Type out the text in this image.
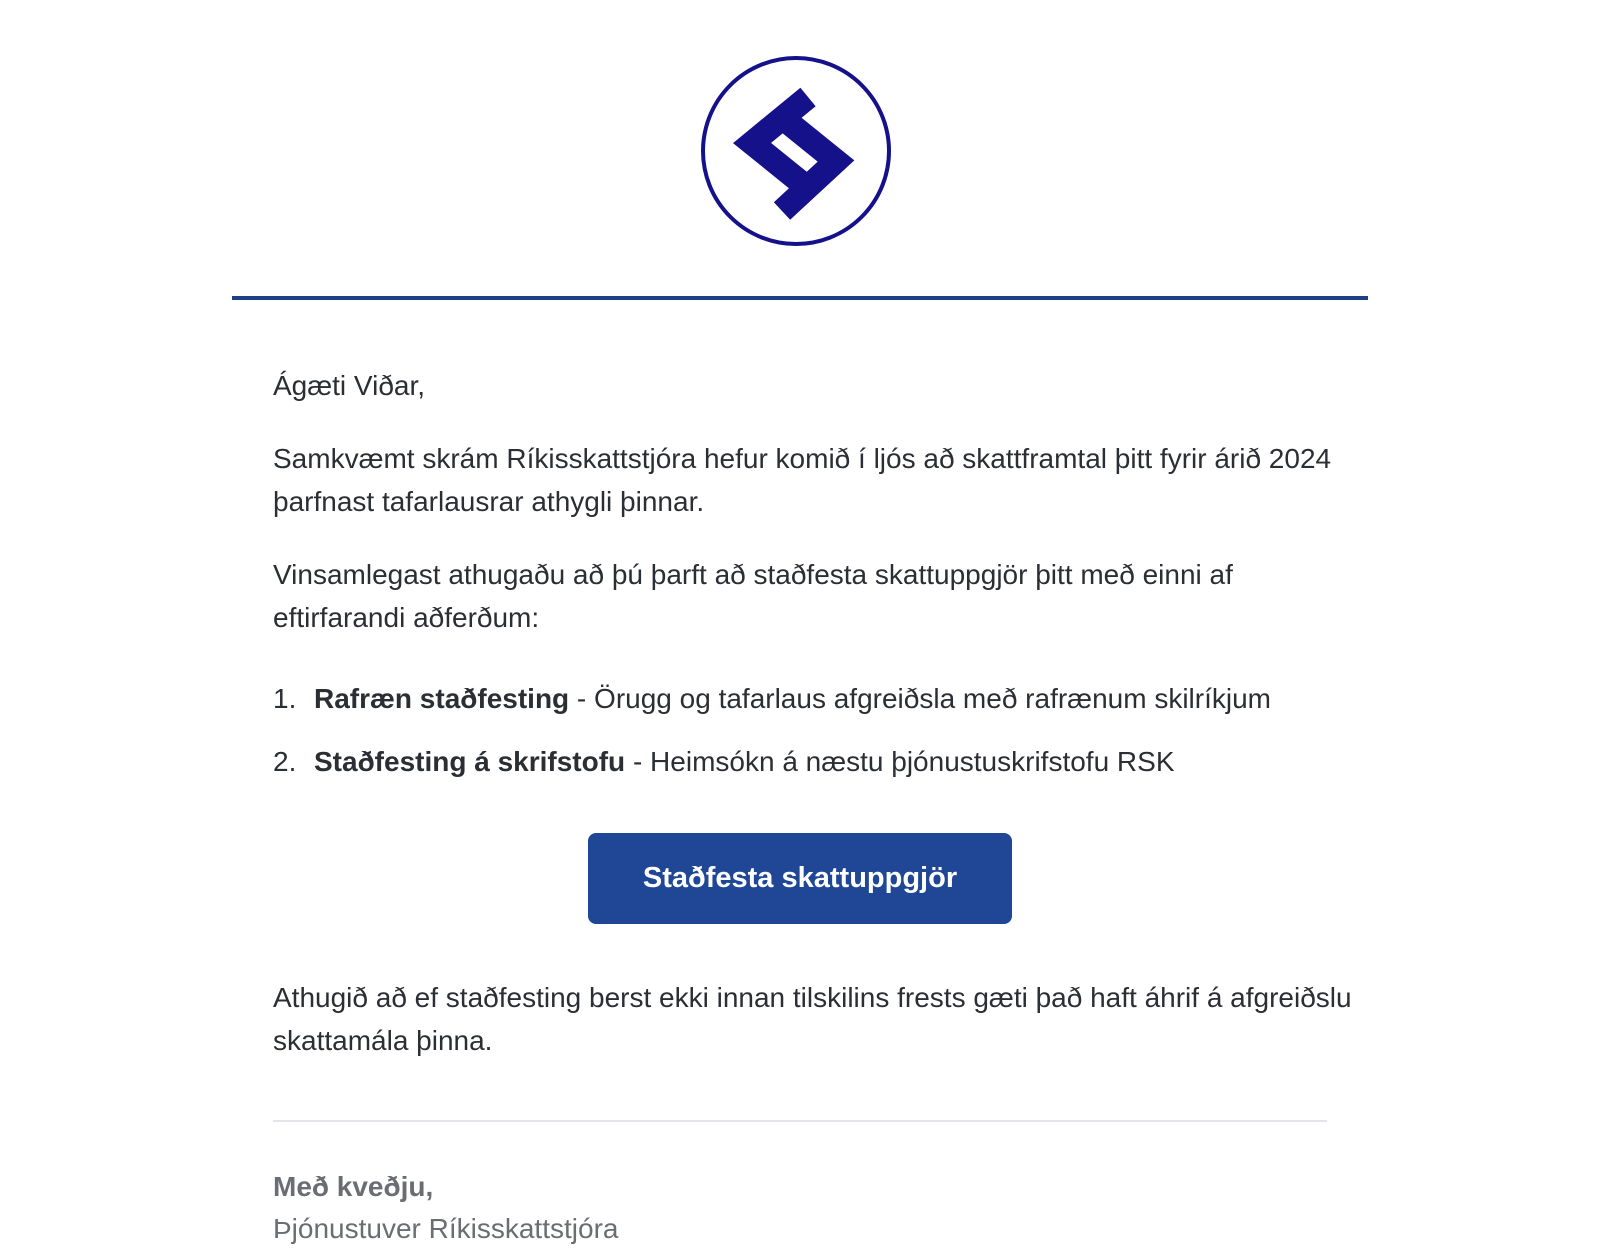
Ágæti Viðar,

Samkvæmt skrám Ríkisskattstjóra hefur komið í ljós að skattframtal þitt fyrir árið 2024 þarfnast tafarlausrar athygli þinnar.

Vinsamlegast athugaðu að þú þarft að staðfesta skattuppgjör þitt með einni af eftirfarandi aðferðum:

1. Rafræn staðfesting - Örugg og tafarlaus afgreiðsla með rafrænum skilríkjum
2. Staðfesting á skrifstofu - Heimsókn á næstu þjónustuskrifstofu RSK
Staðfesta skattuppgjör

Athugið að ef staðfesting berst ekki innan tilskilins frests gæti það haft áhrif á afgreiðslu skattamála þinna.

Með kveðju,
Þjónustuver Ríkisskattstjóra
